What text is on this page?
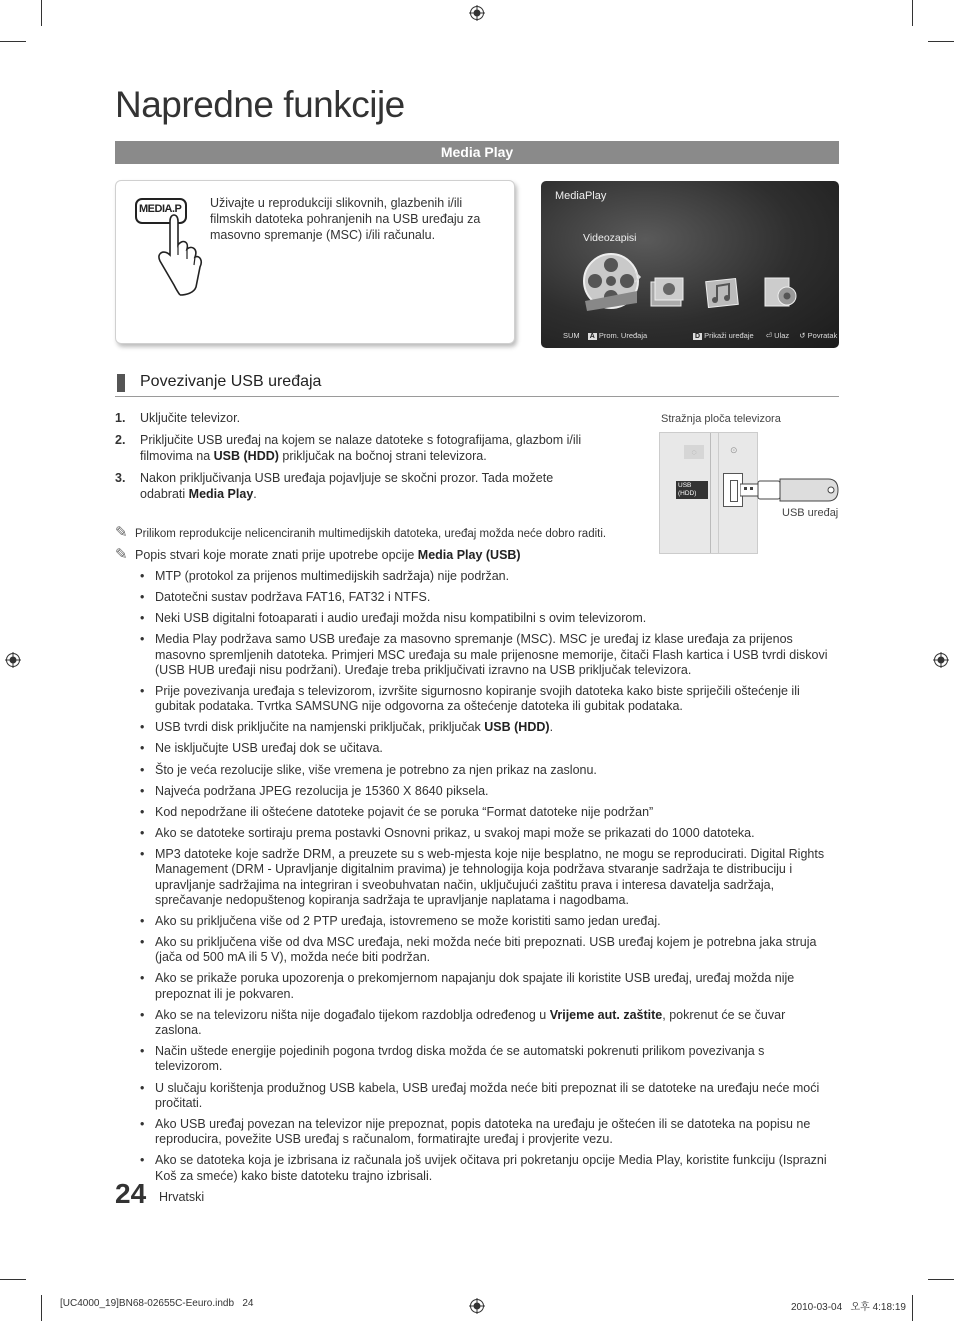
Napredne funkcije
Media Play
MEDIA.P Uživajte u reprodukciji slikovnih, glazbenih i/ili filmskih datoteka pohranjenih na USB uređaju za masovno spremanje (MSC) i/ili računalu.
MediaPlay
Videozapisi
SUM A Prom. Uređaja	D Prikaži uređaje ⏎ Ulaz ↺ Povratak
Povezivanje USB uređaja
1. Uključite televizor.
2. Priključite USB uređaj na kojem se nalaze datoteke s fotografijama, glazbom i/ili filmovima na USB (HDD) priključak na bočnoj strani televizora.
3. Nakon priključivanja USB uređaja pojavljuje se skočni prozor. Tada možete odabrati Media Play.
Stražnja ploča televizora
◌	⊙
USB (HDD)
USB uređaj
✎ Prilikom reprodukcije nelicenciranih multimedijskih datoteka, uređaj možda neće dobro raditi.
✎ Popis stvari koje morate znati prije upotrebe opcije Media Play (USB)
• MTP (protokol za prijenos multimedijskih sadržaja) nije podržan.
• Datotečni sustav podržava FAT16, FAT32 i NTFS.
• Neki USB digitalni fotoaparati i audio uređaji možda nisu kompatibilni s ovim televizorom.
• Media Play podržava samo USB uređaje za masovno spremanje (MSC). MSC je uređaj iz klase uređaja za prijenos masovno spremljenih datoteka. Primjeri MSC uređaja su male prijenosne memorije, čitači Flash kartica i USB tvrdi diskovi (USB HUB uređaji nisu podržani). Uređaje treba priključivati izravno na USB priključak televizora.
• Prije povezivanja uređaja s televizorom, izvršite sigurnosno kopiranje svojih datoteka kako biste spriječili oštećenje ili gubitak podataka. Tvrtka SAMSUNG nije odgovorna za oštećenje datoteka ili gubitak podataka.
• USB tvrdi disk priključite na namjenski priključak, priključak USB (HDD).
• Ne isključujte USB uređaj dok se učitava.
• Što je veća rezolucije slike, više vremena je potrebno za njen prikaz na zaslonu.
• Najveća podržana JPEG rezolucija je 15360 X 8640 piksela.
• Kod nepodržane ili oštećene datoteke pojavit će se poruka “Format datoteke nije podržan”
• Ako se datoteke sortiraju prema postavki Osnovni prikaz, u svakoj mapi može se prikazati do 1000 datoteka.
• MP3 datoteke koje sadrže DRM, a preuzete su s web-mjesta koje nije besplatno, ne mogu se reproducirati. Digital Rights Management (DRM - Upravljanje digitalnim pravima) je tehnologija koja podržava stvaranje sadržaja te distribuciju i upravljanje sadržajima na integriran i sveobuhvatan način, uključujući zaštitu prava i interesa davatelja sadržaja, sprečavanje nedopuštenog kopiranja sadržaja te upravljanje naplatama i nagodbama.
• Ako su priključena više od 2 PTP uređaja, istovremeno se može koristiti samo jedan uređaj.
• Ako su priključena više od dva MSC uređaja, neki možda neće biti prepoznati. USB uređaj kojem je potrebna jaka struja (jača od 500 mA ili 5 V), možda neće biti podržan.
• Ako se prikaže poruka upozorenja o prekomjernom napajanju dok spajate ili koristite USB uređaj, uređaj možda nije prepoznat ili je pokvaren.
• Ako se na televizoru ništa nije događalo tijekom razdoblja određenog u Vrijeme aut. zaštite, pokrenut će se čuvar zaslona.
• Način uštede energije pojedinih pogona tvrdog diska možda će se automatski pokrenuti prilikom povezivanja s televizorom.
• U slučaju korištenja produžnog USB kabela, USB uređaj možda neće biti prepoznat ili se datoteke na uređaju neće moći pročitati.
• Ako USB uređaj povezan na televizor nije prepoznat, popis datoteka na uređaju je oštećen ili se datoteka na popisu ne reproducira, povežite USB uređaj s računalom, formatirajte uređaj i provjerite vezu.
• Ako se datoteka koja je izbrisana iz računala još uvijek očitava pri pokretanju opcije Media Play, koristite funkciju (Isprazni Koš za smeće) kako biste datoteku trajno izbrisali.
24 Hrvatski
[UC4000_19]BN68-02655C-Eeuro.indb   24	2010-03-04   오후 4:18:19
